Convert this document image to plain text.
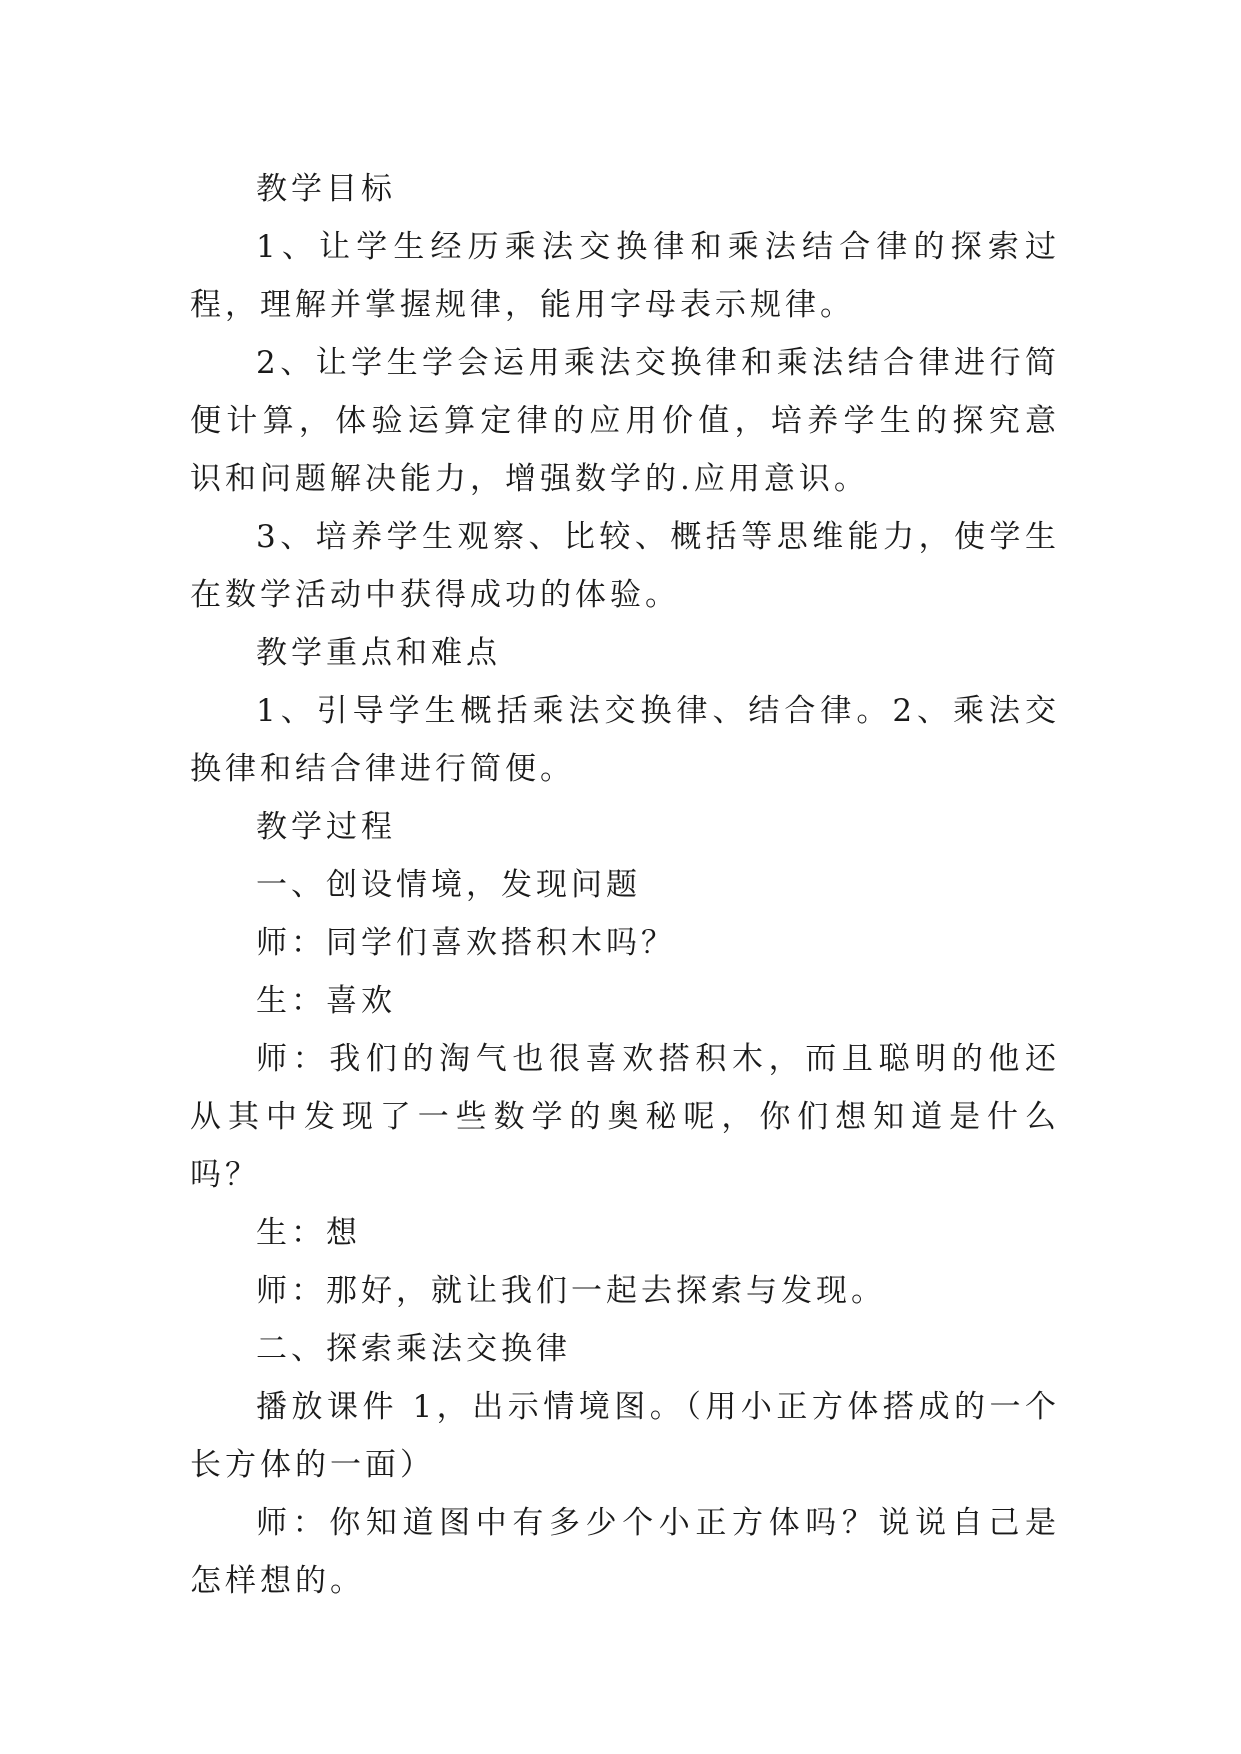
教学目标

1、让学生经历乘法交换律和乘法结合律的探索过程，理解并掌握规律，能用字母表示规律。

2、让学生学会运用乘法交换律和乘法结合律进行简便计算，体验运算定律的应用价值，培养学生的探究意识和问题解决能力，增强数学的.应用意识。

3、培养学生观察、比较、概括等思维能力，使学生在数学活动中获得成功的体验。

教学重点和难点

1、引导学生概括乘法交换律、结合律。2、乘法交换律和结合律进行简便。

教学过程

一、创设情境，发现问题

师：同学们喜欢搭积木吗？

生：喜欢

师：我们的淘气也很喜欢搭积木，而且聪明的他还从其中发现了一些数学的奥秘呢，你们想知道是什么吗？

生：想

师：那好，就让我们一起去探索与发现。

二、探索乘法交换律

播放课件 1，出示情境图。（用小正方体搭成的一个长方体的一面）

师：你知道图中有多少个小正方体吗？说说自己是怎样想的。
